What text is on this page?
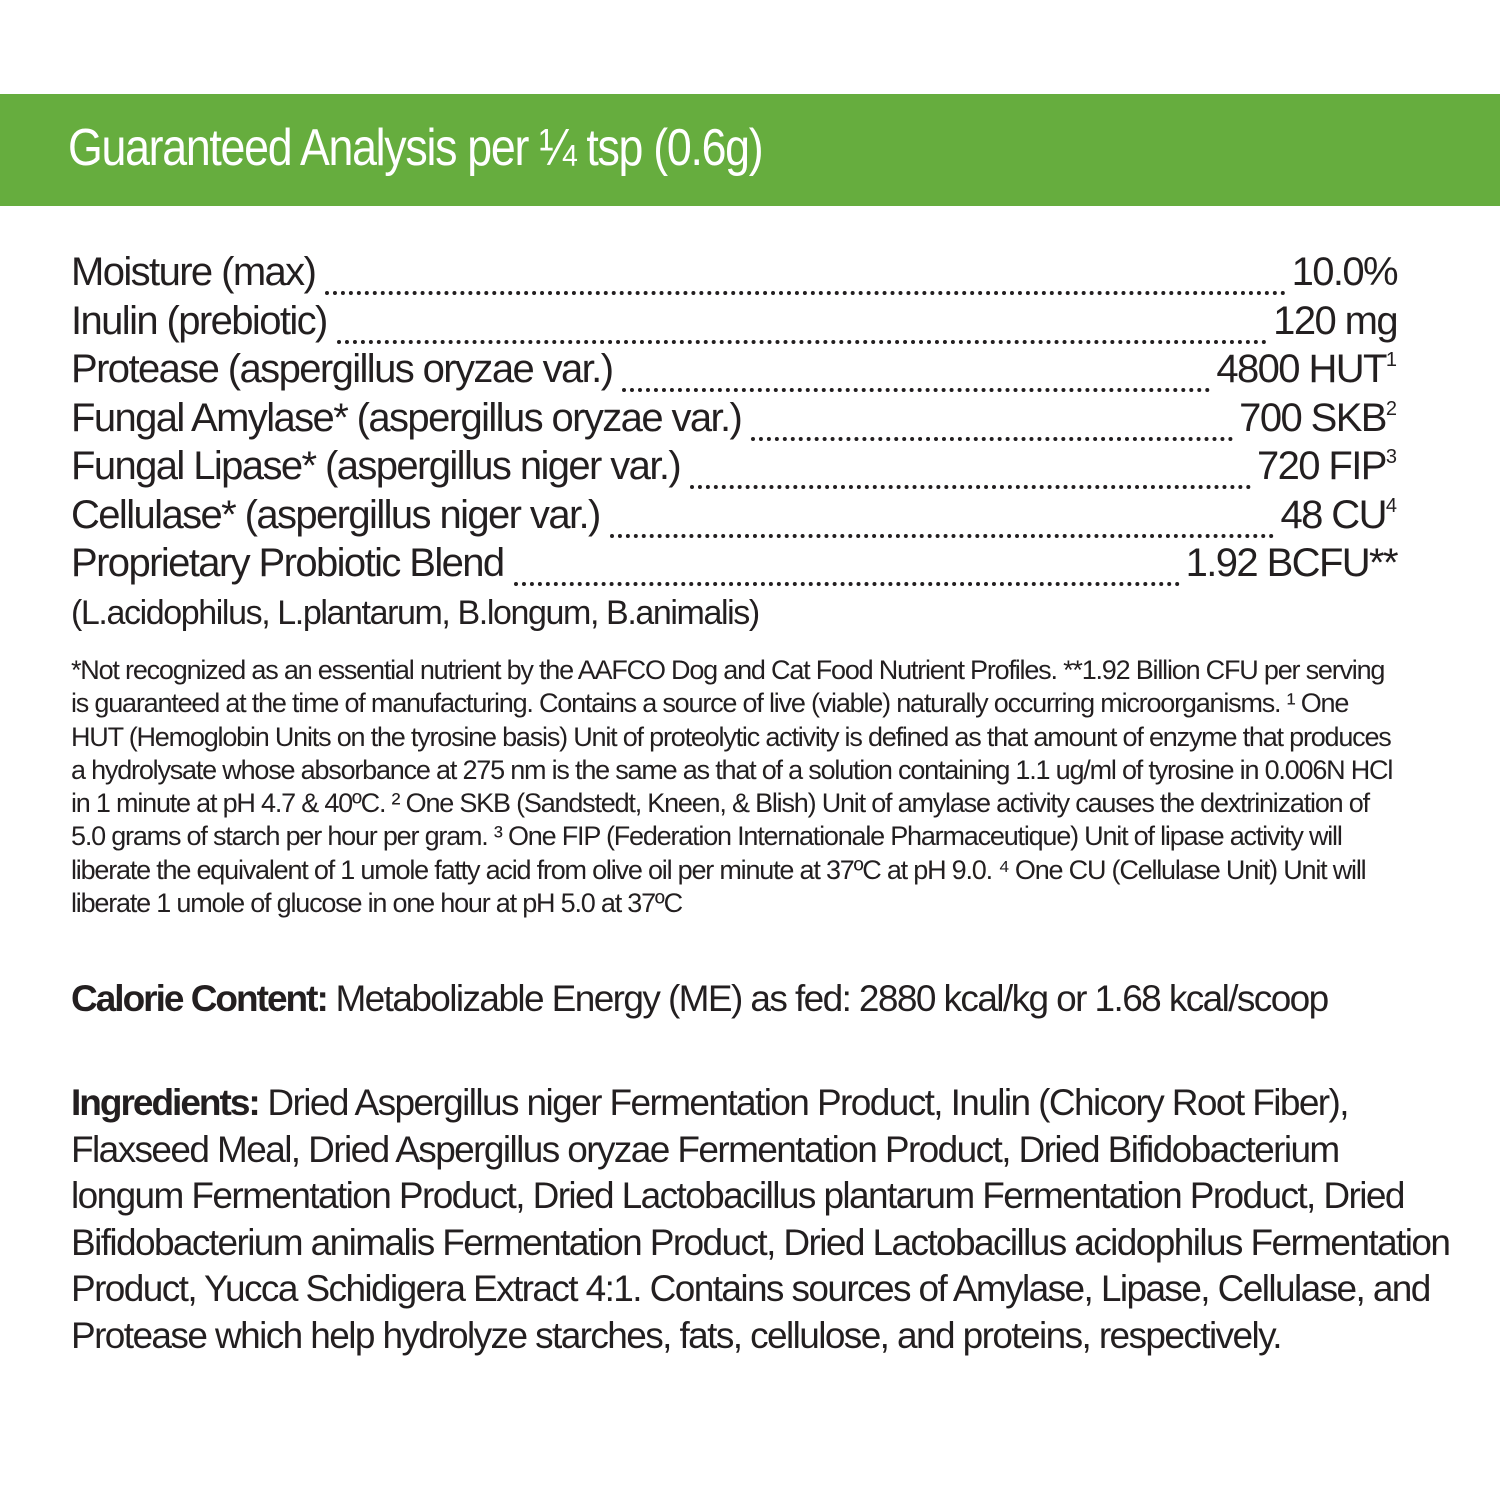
Guaranteed Analysis per ¼ tsp (0.6g)
Moisture (max)	10.0%
Inulin (prebiotic)	120 mg
Protease (aspergillus oryzae var.)	4800 HUT$^1$
Fungal Amylase* (aspergillus oryzae var.)	700 SKB$^2$
Fungal Lipase* (aspergillus niger var.)	720 FIP$^3$
Cellulase* (aspergillus niger var.)	48 $CU^4$
Proprietary Probiotic Blend	1.92 BCFU**
(L.acidophilus, L.plantarum, B.longum, B.animalis)

*Not recognized as an essential nutrient by the AAFCO Dog and Cat Food Nutrient Profiles. **1.92 Billion CFU per serving is guaranteed at the time of manufacturing. Contains a source of live (viable) naturally occurring microorganisms. ¹ One HUT (Hemoglobin Units on the tyrosine basis) Unit of proteolytic activity is defined as that amount of enzyme that produces a hydrolysate whose absorbance at 275 nm is the same as that of a solution containing 1.1 ug/ml of tyrosine in 0.006N HCl in 1 minute at pH 4.7 & 40ºC. ² One SKB (Sandstedt, Kneen, & Blish) Unit of amylase activity causes the dextrinization of 5.0 grams of starch per hour per gram. ³ One FIP (Federation Internationale Pharmaceutique) Unit of lipase activity will liberate the equivalent of 1 umole fatty acid from olive oil per minute at 37ºC at pH 9.0. ⁴ One CU (Cellulase Unit) Unit will liberate 1 umole of glucose in one hour at pH 5.0 at 37ºC

Calorie Content: Metabolizable Energy (ME) as fed: 2880 kcal/kg or 1.68 kcal/scoop

Ingredients: Dried Aspergillus niger Fermentation Product, Inulin (Chicory Root Fiber), Flaxseed Meal, Dried Aspergillus oryzae Fermentation Product, Dried Bifidobacterium longum Fermentation Product, Dried Lactobacillus plantarum Fermentation Product, Dried Bifidobacterium animalis Fermentation Product, Dried Lactobacillus acidophilus Fermentation Product, Yucca Schidigera Extract 4:1. Contains sources of Amylase, Lipase, Cellulase, and Protease which help hydrolyze starches, fats, cellulose, and proteins, respectively.
